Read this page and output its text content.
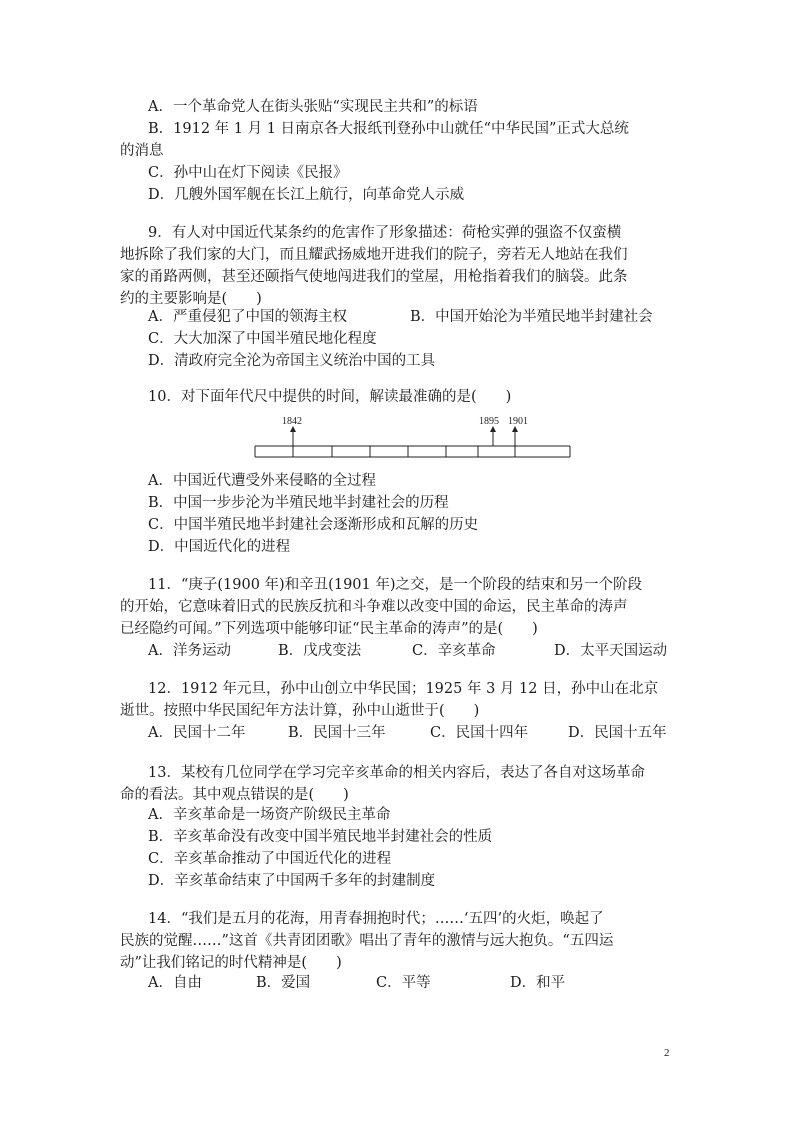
A．一个革命党人在街头张贴“实现民主共和”的标语
B．1912 年 1 月 1 日南京各大报纸刊登孙中山就任“中华民国”正式大总统
的消息
C．孙中山在灯下阅读《民报》
D．几艘外国军舰在长江上航行，向革命党人示威
9．有人对中国近代某条约的危害作了形象描述：荷枪实弹的强盗不仅蛮横
地拆除了我们家的大门，而且耀武扬威地开进我们的院子，旁若无人地站在我们
家的甬路两侧，甚至还颐指气使地闯进我们的堂屋，用枪指着我们的脑袋。此条
约的主要影响是(　　)
A．严重侵犯了中国的领海主权	B．中国开始沦为半殖民地半封建社会
C．大大加深了中国半殖民地化程度
D．清政府完全沦为帝国主义统治中国的工具
10．对下面年代尺中提供的时间，解读最准确的是(　　)
1842	1895 1901
A．中国近代遭受外来侵略的全过程
B．中国一步步沦为半殖民地半封建社会的历程
C．中国半殖民地半封建社会逐渐形成和瓦解的历史
D．中国近代化的进程
11．“庚子(1900 年)和辛丑(1901 年)之交，是一个阶段的结束和另一个阶段
的开始，它意味着旧式的民族反抗和斗争难以改变中国的命运，民主革命的涛声
已经隐约可闻。”下列选项中能够印证“民主革命的涛声”的是(　　)
A．洋务运动	B．戊戌变法	C．辛亥革命	D．太平天国运动
12．1912 年元旦，孙中山创立中华民国；1925 年 3 月 12 日，孙中山在北京
逝世。按照中华民国纪年方法计算，孙中山逝世于(　　)
A．民国十二年	B．民国十三年	C．民国十四年	D．民国十五年
13．某校有几位同学在学习完辛亥革命的相关内容后，表达了各自对这场革命
命的看法。其中观点错误的是(　　)
A．辛亥革命是一场资产阶级民主革命
B．辛亥革命没有改变中国半殖民地半封建社会的性质
C．辛亥革命推动了中国近代化的进程
D．辛亥革命结束了中国两千多年的封建制度
14．“我们是五月的花海，用青春拥抱时代；……‘五四’的火炬，唤起了
民族的觉醒……”这首《共青团团歌》唱出了青年的激情与远大抱负。“五四运
动”让我们铭记的时代精神是(　　)
A．自由	B．爱国	C．平等	D．和平
2
